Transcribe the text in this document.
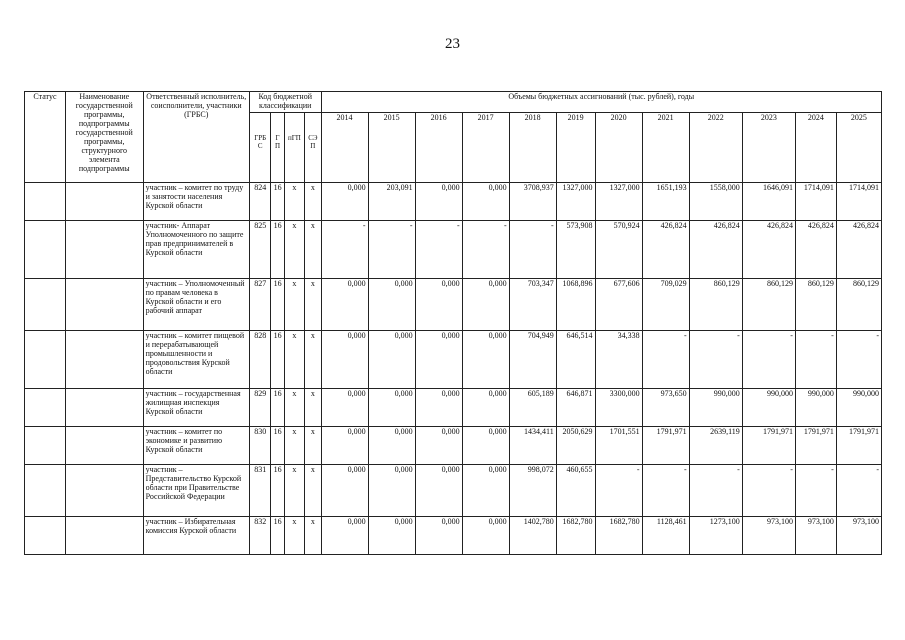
23
Статус	Наименование государственной программы, подпрограммы государственной программы, структурного элемента подпрограммы	Ответственный исполнитель, соисполнители, участники (ГРБС)	Код бюджетной классификации				Объемы бюджетных ассигнований (тыс. рублей), годы											
			ГРБС	ГП	пГП	СЭП	2014	2015	2016	2017	2018	2019	2020	2021	2022	2023	2024	2025
		участник – комитет по труду и занятости населения Курской области	824	16	х	х	0,000	203,091	0,000	0,000	3708,937	1327,000	1327,000	1651,193	1558,000	1646,091	1714,091	1714,091
		участник- Аппарат Уполномоченного по защите прав предпринимателей в Курской области	825	16	х	х	-	-	-	-	-	573,908	570,924	426,824	426,824	426,824	426,824	426,824
		участник – Уполномоченный по правам человека в Курской области и его рабочий аппарат	827	16	х	х	0,000	0,000	0,000	0,000	703,347	1068,896	677,606	709,029	860,129	860,129	860,129	860,129
		участник – комитет пищевой и перерабатывающей промышленности и продовольствия Курской области	828	16	х	х	0,000	0,000	0,000	0,000	704,949	646,514	34,338	-	-	-	-	-
		участник – государственная жилищная инспекция Курской области	829	16	х	х	0,000	0,000	0,000	0,000	605,189	646,871	3300,000	973,650	990,000	990,000	990,000	990,000
		участник – комитет по экономике и развитию Курской области	830	16	х	х	0,000	0,000	0,000	0,000	1434,411	2050,629	1701,551	1791,971	2639,119	1791,971	1791,971	1791,971
		участник – Представительство Курской области при Правительстве Российской Федерации	831	16	х	х	0,000	0,000	0,000	0,000	998,072	460,655	-	-	-	-	-	-
		участник – Избирательная комиссия Курской области	832	16	х	х	0,000	0,000	0,000	0,000	1402,780	1682,780	1682,780	1128,461	1273,100	973,100	973,100	973,100
